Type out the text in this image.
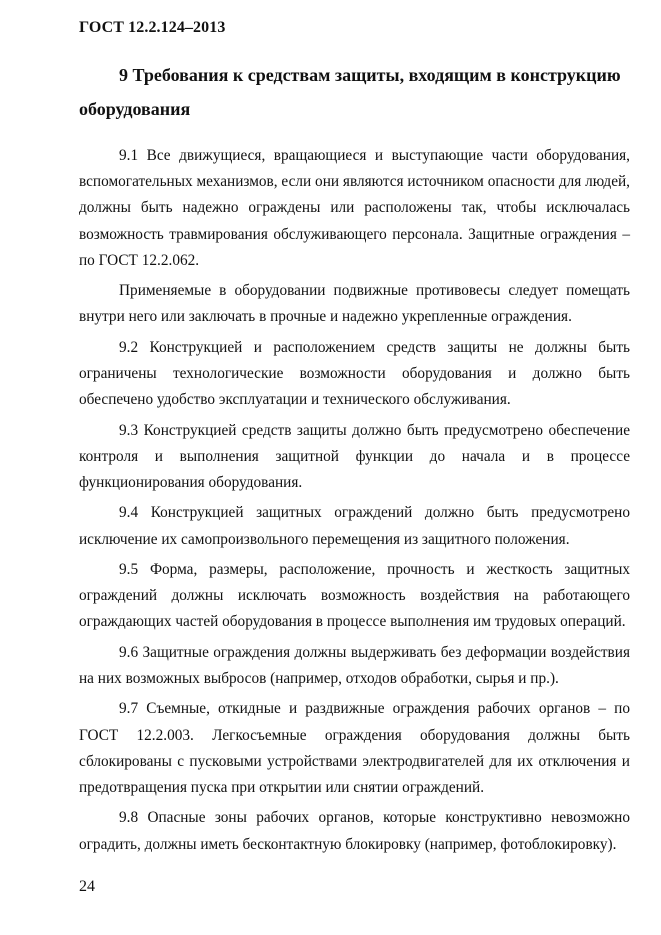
ГОСТ 12.2.124–2013
9 Требования к средствам защиты, входящим в конструкцию оборудования

9.1 Все движущиеся, вращающиеся и выступающие части оборудования, вспомогательных механизмов, если они являются источником опасности для людей, должны быть надежно ограждены или расположены так, чтобы исключалась возможность травмирования обслуживающего персонала. Защитные ограждения – по ГОСТ 12.2.062.

Применяемые в оборудовании подвижные противовесы следует помещать внутри него или заключать в прочные и надежно укрепленные ограждения.

9.2 Конструкцией и расположением средств защиты не должны быть ограничены технологические возможности оборудования и должно быть обеспечено удобство эксплуатации и технического обслуживания.

9.3 Конструкцией средств защиты должно быть предусмотрено обеспечение контроля и выполнения защитной функции до начала и в процессе функционирования оборудования.

9.4 Конструкцией защитных ограждений должно быть предусмотрено исключение их самопроизвольного перемещения из защитного положения.

9.5 Форма, размеры, расположение, прочность и жесткость защитных ограждений должны исключать возможность воздействия на работающего ограждающих частей оборудования в процессе выполнения им трудовых операций.

9.6 Защитные ограждения должны выдерживать без деформации воздействия на них возможных выбросов (например, отходов обработки, сырья и пр.).

9.7 Съемные, откидные и раздвижные ограждения рабочих органов – по ГОСТ 12.2.003. Легкосъемные ограждения оборудования должны быть сблокированы с пусковыми устройствами электродвигателей для их отключения и предотвращения пуска при открытии или снятии ограждений.

9.8 Опасные зоны рабочих органов, которые конструктивно невозможно оградить, должны иметь бесконтактную блокировку (например, фотоблокировку).

24
